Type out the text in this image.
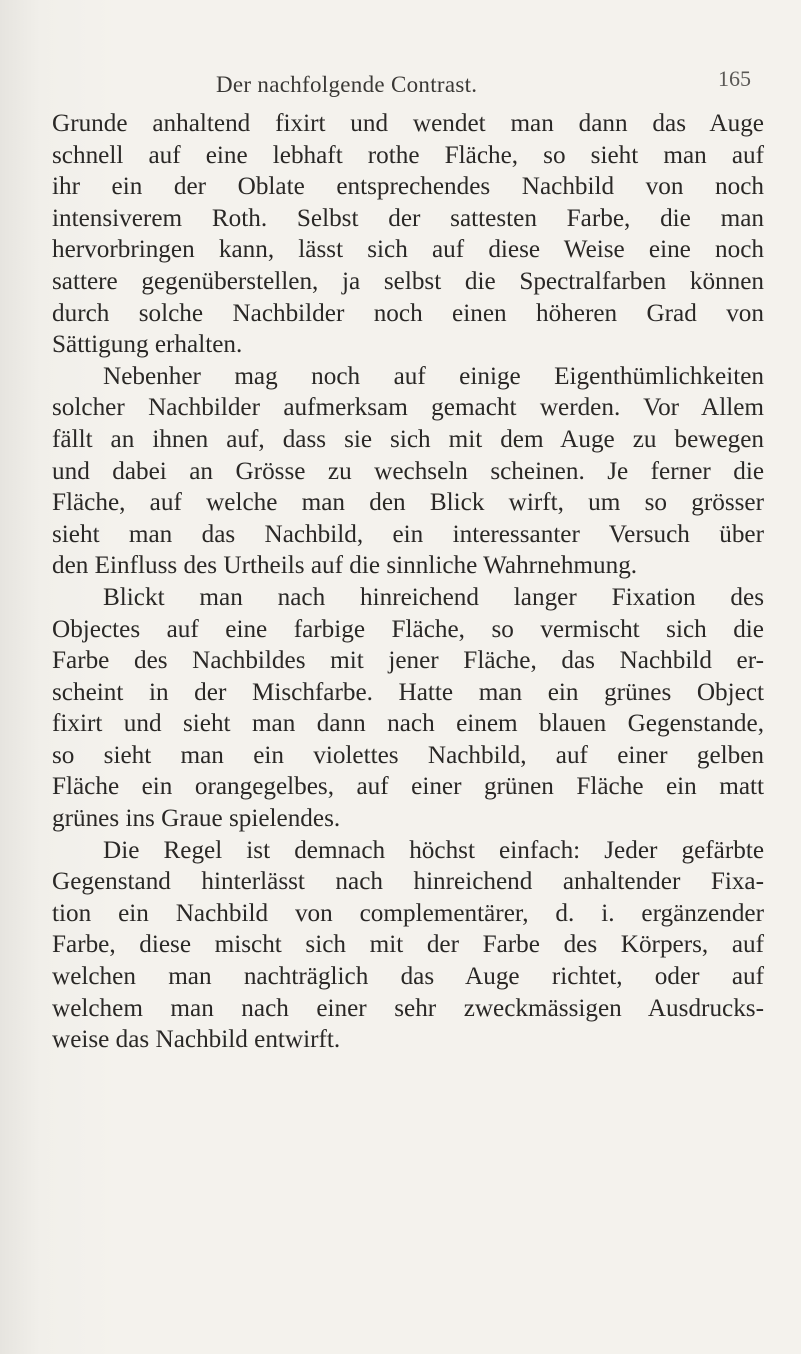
Der nachfolgende Contrast.	165
Grunde anhaltend fixirt und wendet man dann das Auge
schnell auf eine lebhaft rothe Fläche, so sieht man auf
ihr ein der Oblate entsprechendes Nachbild von noch
intensiverem Roth. Selbst der sattesten Farbe, die man
hervorbringen kann, lässt sich auf diese Weise eine noch
sattere gegenüberstellen, ja selbst die Spectralfarben können
durch solche Nachbilder noch einen höheren Grad von
Sättigung erhalten.
Nebenher mag noch auf einige Eigenthümlichkeiten
solcher Nachbilder aufmerksam gemacht werden. Vor Allem
fällt an ihnen auf, dass sie sich mit dem Auge zu bewegen
und dabei an Grösse zu wechseln scheinen. Je ferner die
Fläche, auf welche man den Blick wirft, um so grösser
sieht man das Nachbild, ein interessanter Versuch über
den Einfluss des Urtheils auf die sinnliche Wahrnehmung.
Blickt man nach hinreichend langer Fixation des
Objectes auf eine farbige Fläche, so vermischt sich die
Farbe des Nachbildes mit jener Fläche, das Nachbild er-
scheint in der Mischfarbe. Hatte man ein grünes Object
fixirt und sieht man dann nach einem blauen Gegenstande,
so sieht man ein violettes Nachbild, auf einer gelben
Fläche ein orangegelbes, auf einer grünen Fläche ein matt
grünes ins Graue spielendes.
Die Regel ist demnach höchst einfach: Jeder gefärbte
Gegenstand hinterlässt nach hinreichend anhaltender Fixa-
tion ein Nachbild von complementärer, d. i. ergänzender
Farbe, diese mischt sich mit der Farbe des Körpers, auf
welchen man nachträglich das Auge richtet, oder auf
welchem man nach einer sehr zweckmässigen Ausdrucks-
weise das Nachbild entwirft.
